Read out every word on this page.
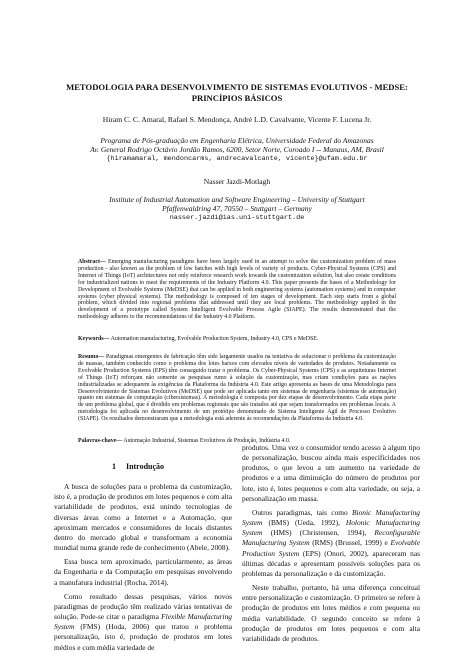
METODOLOGIA PARA DESENVOLVIMENTO DE SISTEMAS EVOLUTIVOS - MEDSE:
PRINCÍPIOS BÁSICOS
Hiram C. C. Amaral, Rafael S. Mendonça, André L.D. Cavalvante, Vicente F. Lucena Jr.
Programa de Pós-graduação em Engenharia Elétrica, Universidade Federal do Amazonas
Av. General Rodrigo Octávio Jordão Ramos, 6200, Setor Norte, Coroado I -- Manaus, AM, Brasil
{hiramamaral, mendoncarms, andrecavalcante, vicente}@ufam.edu.br
Nasser Jazdi-Motlagh
Institute of Industrial Automation and Software Engineering – University of Stuttgart
Pfaffenwaldring 47, 70550 – Stuttgart – Germany
nasser.jazdi@ias.uni-stuttgart.de
Abstract— Emerging manufacturing paradigms have been largely used in an attempt to solve the customization problem of mass production - also known as the problem of low batches with high levels of variety of products. Cyber-Physical Systems (CPS) and Internet of Things (IoT) architectures not only reinforce research work towards the customization solution, but also create conditions for industrialized nations to meet the requirements of the Industry Platform 4.0. This paper presents the bases of a Methodology for Development of Evolvable Systems (MeDSE) that can be applied in both engineering systems (automation systems) and in computer systems (cyber physical systems). The methodology is composed of ten stages of development. Each step starts from a global problem, which divided into regional problems that addressed until they are local problems. The methodology applied in the development of a prototype called System Intelligent Evolvable Process Agile (SIAPE). The results demonstrated that the methodology adheres to the recommendations of the Industry 4.0 Platform.
Keywords— Automation manufacturing, Evolvable Production System, Industry 4.0, CPS e MeDSE.
Resumo— Paradigmas emergentes de fabricação têm sido largamente usados na tentativa de solucionar o problema da customização de massas, também conhecido como o problema dos lotes baixos com elevados níveis de variedades de produtos. Notadamente os Evolvable Production Systems (EPS) têm conseguido tratar o problema. Os Cyber-Physical Systems (CPS) e as arquiteturas Internet of Things (IoT) reforçam não somente as pesquisas rumo à solução da customização, mas criam condições para as nações industrializadas se adequarem às exigências da Plataforma da Indústria 4.0. Este artigo apresenta as bases de uma Metodologia para Desenvolvimento de Sistemas Evolutivos (MeDSE) que pode ser aplicada tanto em sistemas de engenharia (sistemas de automação) quanto em sistemas de computação (cibersistemas). A metodologia é composta por dez etapas de desenvolvimento. Cada etapa parte de um problema global, que é dividido em problemas regionais que são tratados até que sejam transformados em problemas locais. A metodologia foi aplicada no desenvolvimento de um protótipo denominado de Sistema Inteligente Ágil de Processo Evolutivo (SIAPE). Os resultados demonstraram que a metodologia está aderente às recomendações da Plataforma da Indústria 4.0.
Palavras-chave— Automação Industrial, Sistemas Evolutivos de Produção, Indústria 4.0.
1 Introdução

A busca de soluções para o problema da customização, isto é, a produção de produtos em lotes pequenos e com alta variabilidade de produtos, está unindo tecnologias de diversas áreas como a Internet e a Automação, que aproximam mercados e consumidores de locais distantes dentro do mercado global e transformam a economia mundial numa grande rede de conhecimento (Abele, 2008).

Essa busca tem aproximado, particularmente, as áreas da Engenharia e da Computação em pesquisas envolvendo a manufatura industrial (Rocha, 2014).

Como resultado dessas pesquisas, vários novos paradigmas de produção têm realizado várias tentativas de solução. Pode-se citar o paradigma Flexible Manufacturing System (FMS) (Hoda, 2006) que tratou o problema personalização, isto é, produção de produtos em lotes médios e com média variedade de

produtos. Uma vez o consumidor tendo acesso à algum tipo de personalização, buscou ainda mais especificidades nos produtos, o que levou a um aumento na variedade de produtos e a uma diminuição do número de produtos por lote, isto é, lotes pequenos e com alta variedade, ou seja, a personalização em massa.

Outros paradigmas, tais como Bionic Manufacturing System (BMS) (Ueda, 1992), Holonic Manufacturing System (HMS) (Christensen, 1994), Reconfigurable Manufacturing System (RMS) (Brussel, 1999) e Evolvable Production System (EPS) (Onori, 2002), apareceram nas últimas décadas e apresentam possíveis soluções para os problemas da personalização e da customização.

Neste trabalho, portanto, há uma diferença conceitual entre personalização e customização. O primeiro se refere à produção de produtos em lotes médios e com pequena ou média variabilidade. O segundo conceito se refere à produção de produtos em lotes pequenos e com alta variabilidade de produtos.
